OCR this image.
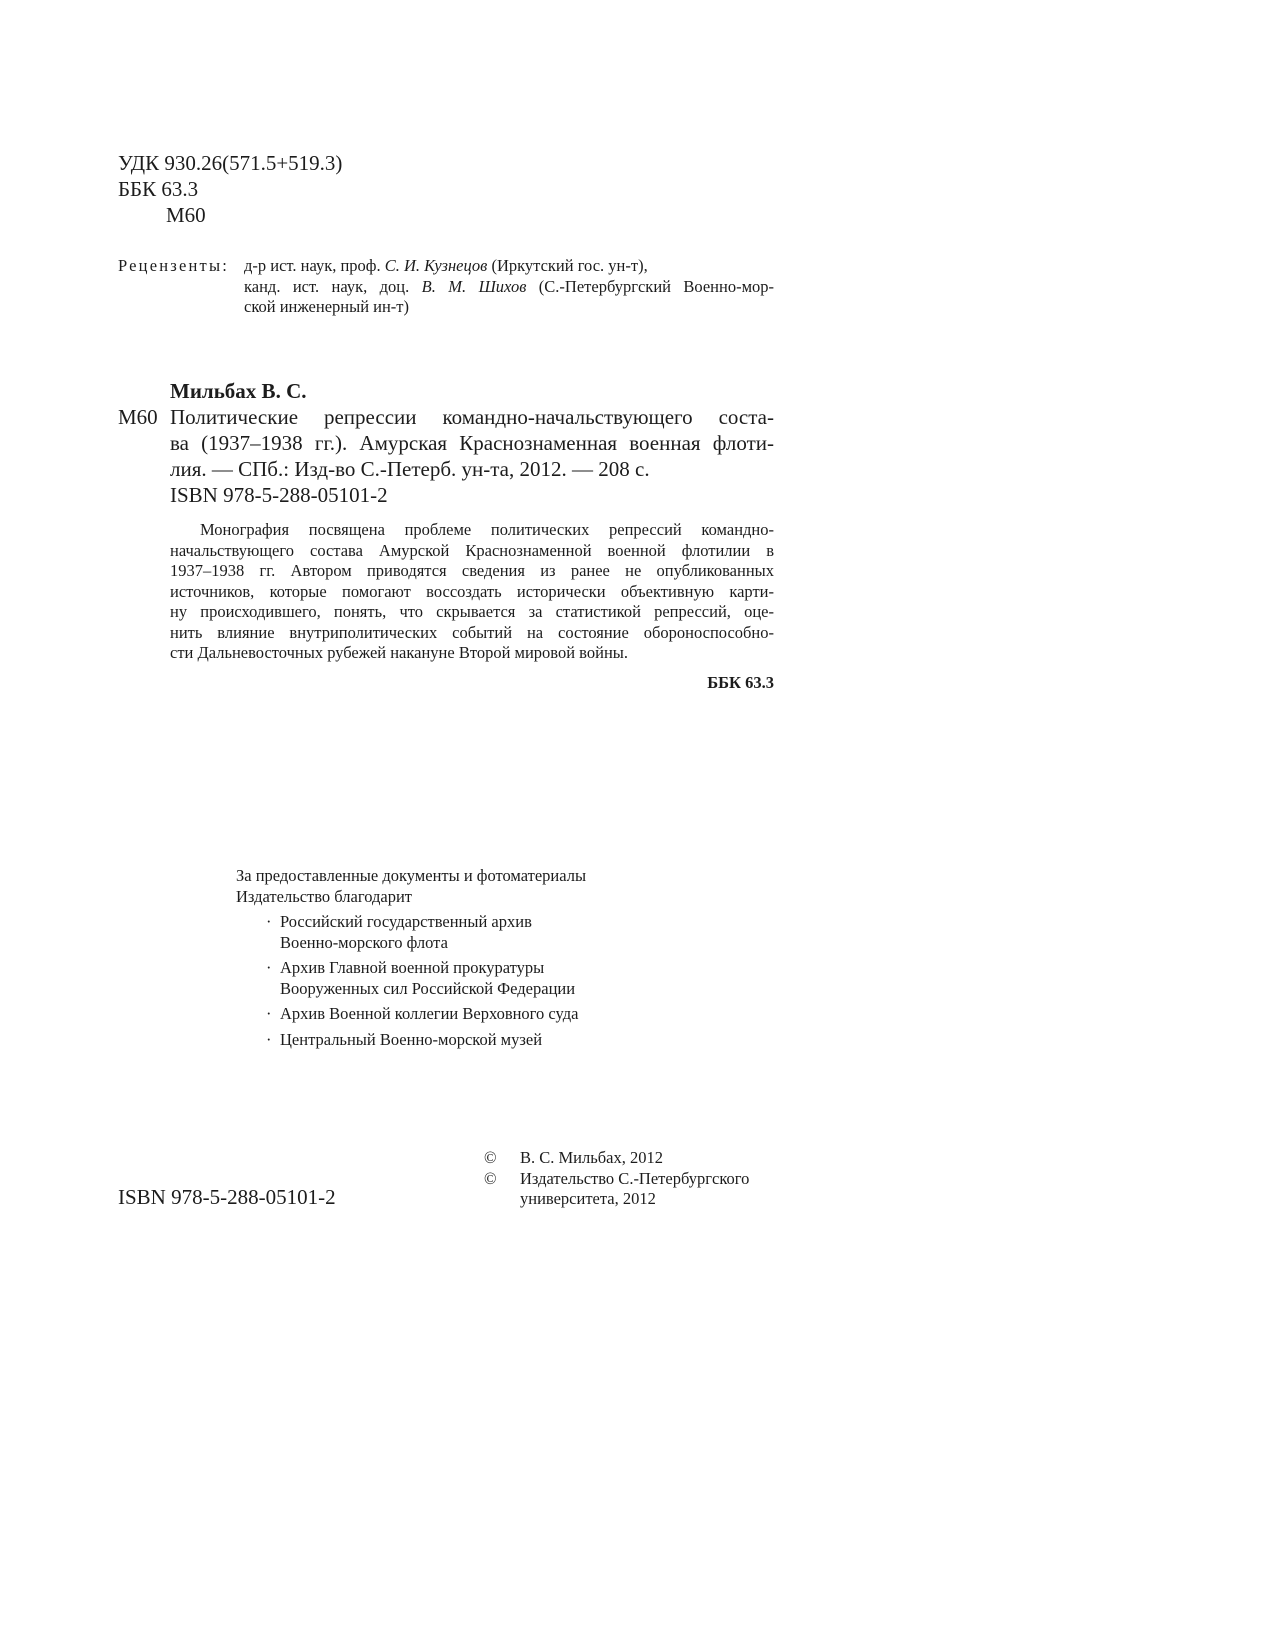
УДК 930.26(571.5+519.3)
ББК 63.3
М60
Рецензенты: д-р ист. наук, проф. С. И. Кузнецов (Иркутский гос. ун-т),
канд. ист. наук, доц. В. М. Шихов (С.-Петербургский Военно-мор-
ской инженерный ин-т)
Мильбах В. С.
М60 Политические репрессии командно-начальствующего соста-
ва (1937–1938 гг.). Амурская Краснознаменная военная флоти-
лия. — СПб.: Изд-во С.-Петерб. ун-та, 2012. — 208 с.
ISBN 978-5-288-05101-2
Монография посвящена проблеме политических репрессий командно-
начальствующего состава Амурской Краснознаменной военной флотилии в
1937–1938 гг. Автором приводятся сведения из ранее не опубликованных
источников, которые помогают воссоздать исторически объективную карти-
ну происходившего, понять, что скрывается за статистикой репрессий, оце-
нить влияние внутриполитических событий на состояние обороноспособно-
сти Дальневосточных рубежей накануне Второй мировой войны.
ББК 63.3
За предоставленные документы и фотоматериалы
Издательство благодарит
· Российский государственный архив
Военно-морского флота
· Архив Главной военной прокуратуры
Вооруженных сил Российской Федерации
· Архив Военной коллегии Верховного суда
· Центральный Военно-морской музей
ISBN 978-5-288-05101-2
© В. С. Мильбах, 2012
© Издательство С.-Петербургского
университета, 2012
